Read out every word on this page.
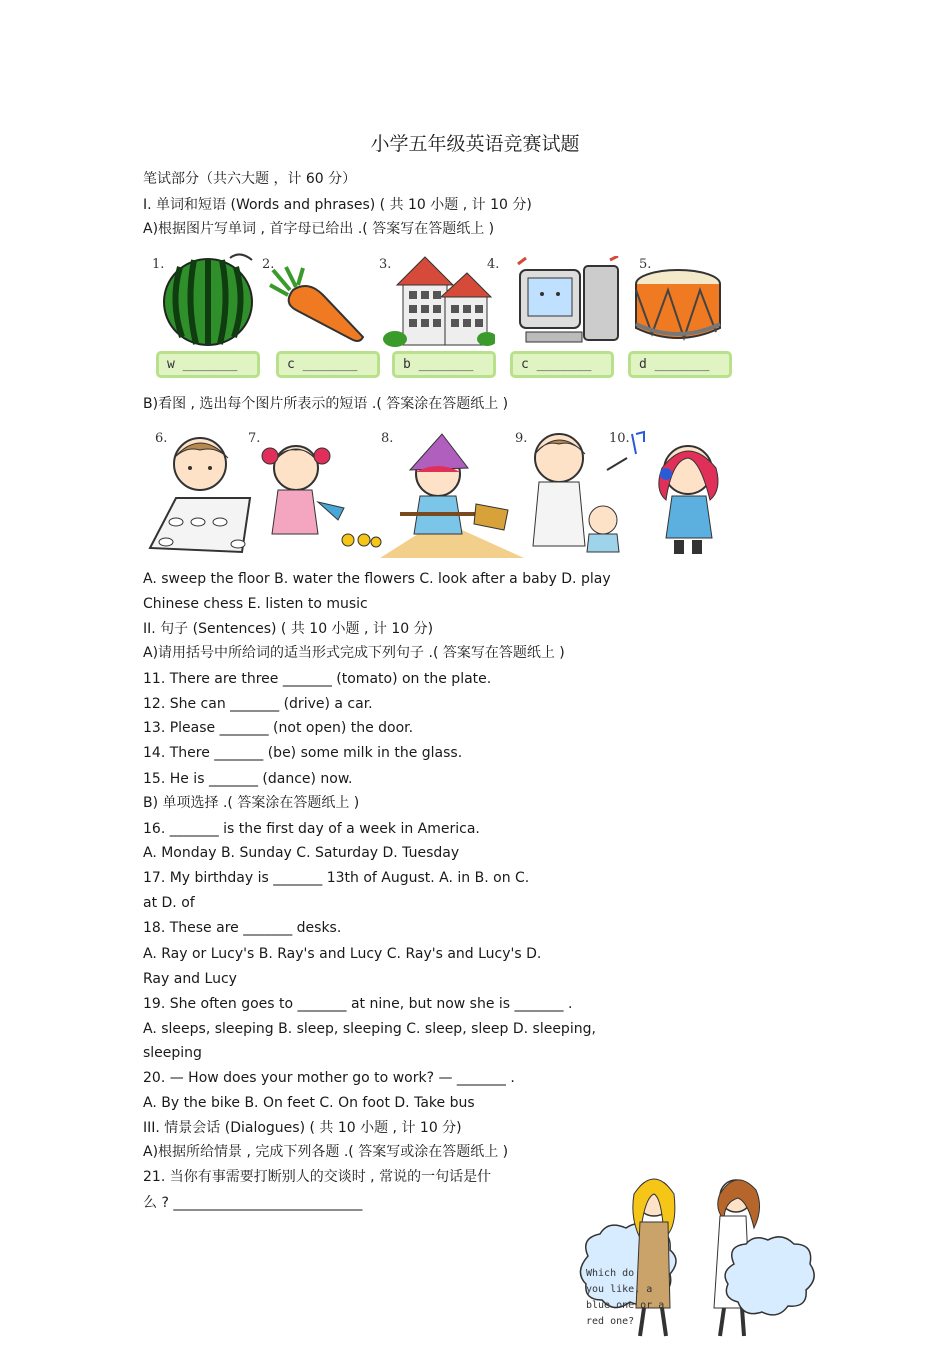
小学五年级英语竞赛试题
笔试部分（共六大题 ，计 60 分）
I. 单词和短语 (Words and phrases) ( 共 10 小题 , 计 10 分)
A)根据图片写单词 , 首字母已给出 .( 答案写在答题纸上 )
1.	2.	3.	4.	5.
w _______	c _______	b _______	c _______	d _______
B)看图 , 选出每个图片所表示的短语 .( 答案涂在答题纸上 )
6.	7.	8.	9.	10.
A. sweep the floor B. water the flowers C. look after a baby D. play
Chinese chess E. listen to music
II. 句子 (Sentences) ( 共 10 小题 , 计 10 分)
A)请用括号中所给词的适当形式完成下列句子 .( 答案写在答题纸上 )
11. There are three _______ (tomato) on the plate.
12. She can _______ (drive) a car.
13. Please _______ (not open) the door.
14. There _______ (be) some milk in the glass.
15. He is _______ (dance) now.
B) 单项选择 .( 答案涂在答题纸上 )
16. _______ is the first day of a week in America.
A. Monday B. Sunday C. Saturday D. Tuesday
17. My birthday is _______ 13th of August. A. in B. on C.
at D. of
18. These are _______ desks.
A. Ray or Lucy's B. Ray's and Lucy C. Ray's and Lucy's D.
Ray and Lucy
19. She often goes to _______ at nine, but now she is _______ .
A. sleeps, sleeping B. sleep, sleeping C. sleep, sleep D. sleeping,
sleeping
20. — How does your mother go to work? — _______ .
A. By the bike B. On feet C. On foot D. Take bus
III. 情景会话 (Dialogues) ( 共 10 小题 , 计 10 分)
A)根据所给情景 , 完成下列各题 .( 答案写或涂在答题纸上 )
21. 当你有事需要打断别人的交谈时 , 常说的一句话是什
么 ? ___________________________
Which do
you like, a
blue one or a
red one?
